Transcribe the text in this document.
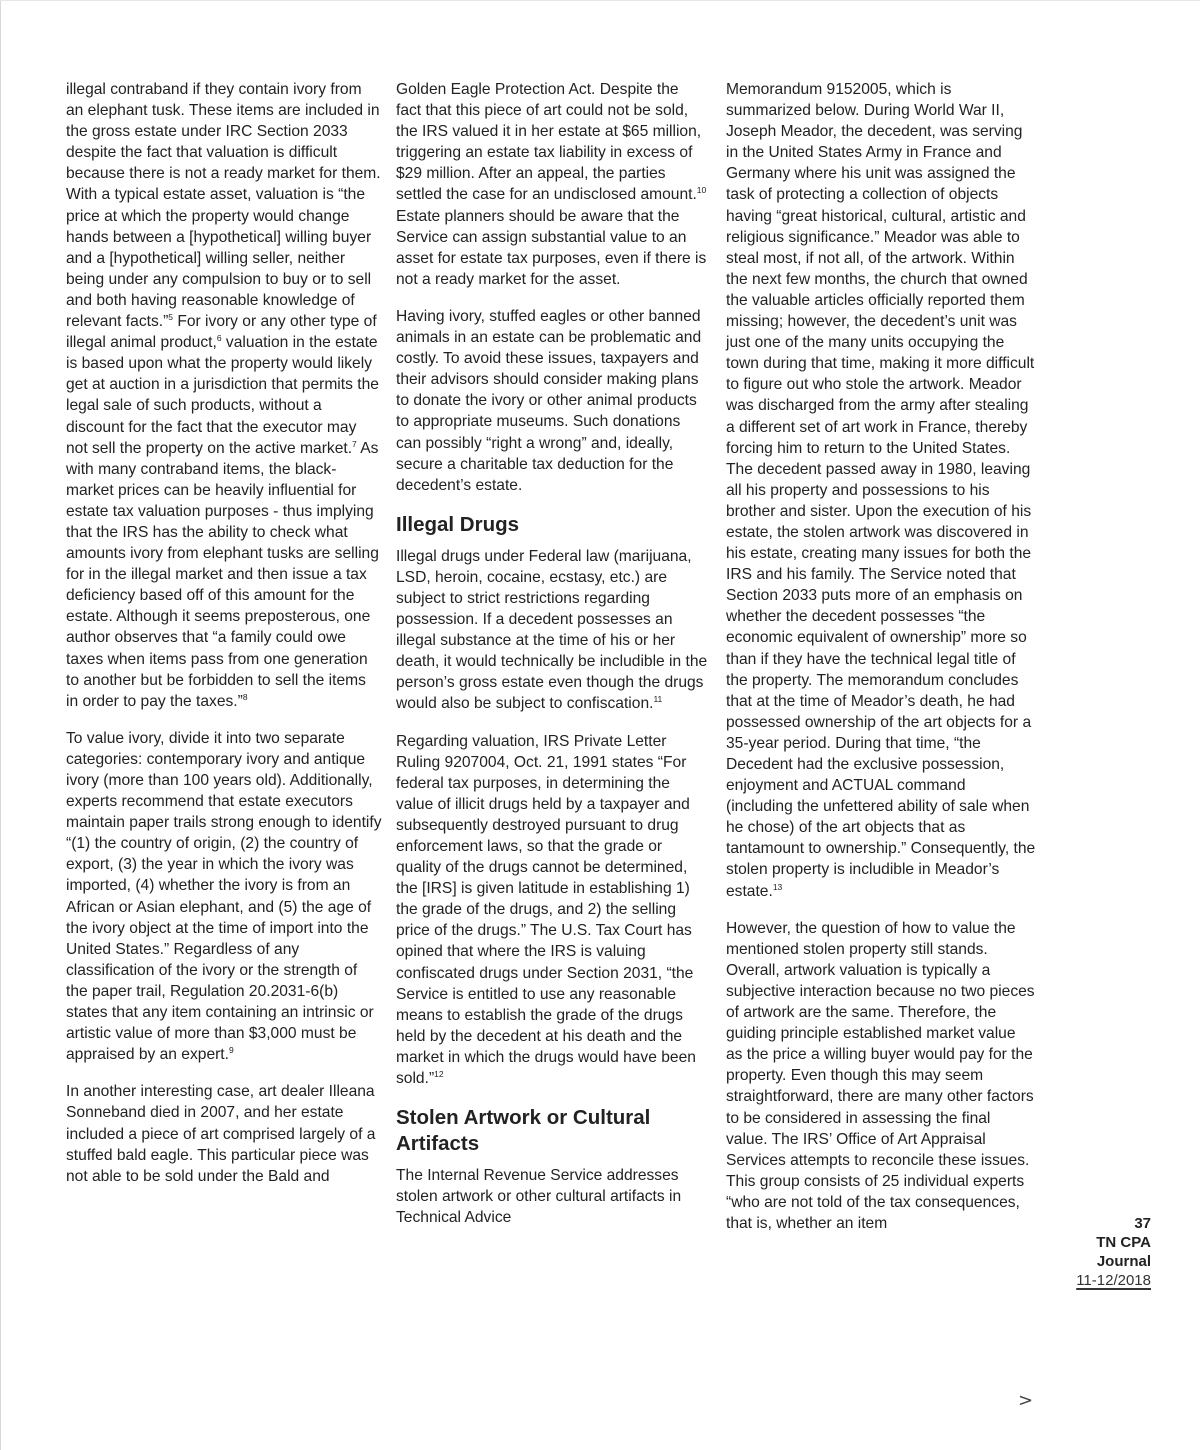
illegal contraband if they contain ivory from an elephant tusk. These items are included in the gross estate under IRC Section 2033 despite the fact that valuation is difficult because there is not a ready market for them. With a typical estate asset, valuation is “the price at which the property would change hands between a [hypothetical] willing buyer and a [hypothetical] willing seller, neither being under any compulsion to buy or to sell and both having reasonable knowledge of relevant facts.”$^5$ For ivory or any other type of illegal animal product,$^6$ valuation in the estate is based upon what the property would likely get at auction in a jurisdiction that permits the legal sale of such products, without a discount for the fact that the executor may not sell the property on the active market.$^7$ As with many contraband items, the black-market prices can be heavily influential for estate tax valuation purposes - thus implying that the IRS has the ability to check what amounts ivory from elephant tusks are selling for in the illegal market and then issue a tax deficiency based off of this amount for the estate. Although it seems preposterous, one author observes that “a family could owe taxes when items pass from one generation to another but be forbidden to sell the items in order to pay the taxes.”$^8$

To value ivory, divide it into two separate categories: contemporary ivory and antique ivory (more than 100 years old). Additionally, experts recommend that estate executors maintain paper trails strong enough to identify “(1) the country of origin, (2) the country of export, (3) the year in which the ivory was imported, (4) whether the ivory is from an African or Asian elephant, and (5) the age of the ivory object at the time of import into the United States.” Regardless of any classification of the ivory or the strength of the paper trail, Regulation 20.2031-6(b) states that any item containing an intrinsic or artistic value of more than $3,000 must be appraised by an expert.$^9$

In another interesting case, art dealer Illeana Sonneband died in 2007, and her estate included a piece of art comprised largely of a stuffed bald eagle. This particular piece was not able to be sold under the Bald and

Golden Eagle Protection Act. Despite the fact that this piece of art could not be sold, the IRS valued it in her estate at $65 million, triggering an estate tax liability in excess of $29 million. After an appeal, the parties settled the case for an undisclosed amount.$^{10}$ Estate planners should be aware that the Service can assign substantial value to an asset for estate tax purposes, even if there is not a ready market for the asset.

Having ivory, stuffed eagles or other banned animals in an estate can be problematic and costly. To avoid these issues, taxpayers and their advisors should consider making plans to donate the ivory or other animal products to appropriate museums. Such donations can possibly “right a wrong” and, ideally, secure a charitable tax deduction for the decedent’s estate.

Illegal Drugs

Illegal drugs under Federal law (marijuana, LSD, heroin, cocaine, ecstasy, etc.) are subject to strict restrictions regarding possession. If a decedent possesses an illegal substance at the time of his or her death, it would technically be includible in the person’s gross estate even though the drugs would also be subject to confiscation.$^{11}$

Regarding valuation, IRS Private Letter Ruling 9207004, Oct. 21, 1991 states “For federal tax purposes, in determining the value of illicit drugs held by a taxpayer and subsequently destroyed pursuant to drug enforcement laws, so that the grade or quality of the drugs cannot be determined, the [IRS] is given latitude in establishing 1) the grade of the drugs, and 2) the selling price of the drugs.” The U.S. Tax Court has opined that where the IRS is valuing confiscated drugs under Section 2031, “the Service is entitled to use any reasonable means to establish the grade of the drugs held by the decedent at his death and the market in which the drugs would have been sold.”$^{12}$

Stolen Artwork or Cultural Artifacts

The Internal Revenue Service addresses stolen artwork or other cultural artifacts in Technical Advice

Memorandum 9152005, which is summarized below. During World War II, Joseph Meador, the decedent, was serving in the United States Army in France and Germany where his unit was assigned the task of protecting a collection of objects having “great historical, cultural, artistic and religious significance.” Meador was able to steal most, if not all, of the artwork. Within the next few months, the church that owned the valuable articles officially reported them missing; however, the decedent’s unit was just one of the many units occupying the town during that time, making it more difficult to figure out who stole the artwork. Meador was discharged from the army after stealing a different set of art work in France, thereby forcing him to return to the United States. The decedent passed away in 1980, leaving all his property and possessions to his brother and sister. Upon the execution of his estate, the stolen artwork was discovered in his estate, creating many issues for both the IRS and his family. The Service noted that Section 2033 puts more of an emphasis on whether the decedent possesses “the economic equivalent of ownership” more so than if they have the technical legal title of the property. The memorandum concludes that at the time of Meador’s death, he had possessed ownership of the art objects for a 35-year period. During that time, “the Decedent had the exclusive possession, enjoyment and ACTUAL command (including the unfettered ability of sale when he chose) of the art objects that as tantamount to ownership.” Consequently, the stolen property is includible in Meador’s estate.$^{13}$

However, the question of how to value the mentioned stolen property still stands. Overall, artwork valuation is typically a subjective interaction because no two pieces of artwork are the same. Therefore, the guiding principle established market value as the price a willing buyer would pay for the property. Even though this may seem straightforward, there are many other factors to be considered in assessing the final value. The IRS’ Office of Art Appraisal Services attempts to reconcile these issues. This group consists of 25 individual experts “who are not told of the tax consequences, that is, whether an item	37
TN CPA
Journal
11-12/2018
>
